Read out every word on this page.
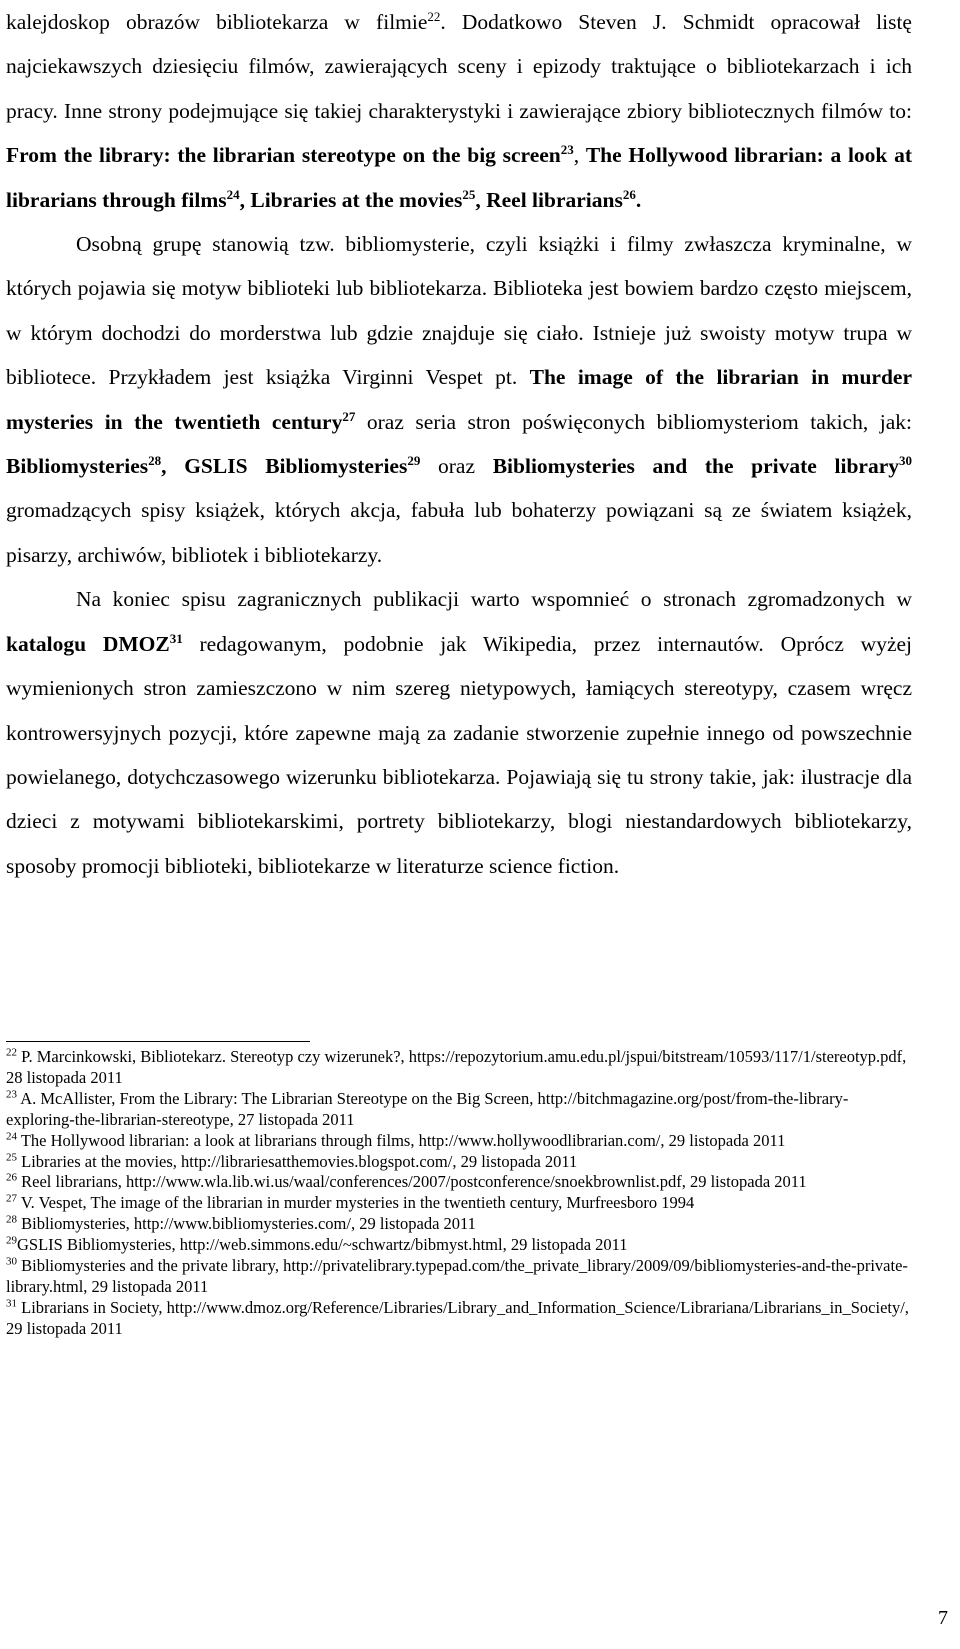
kalejdoskop obrazów bibliotekarza w filmie$^{22}$. Dodatkowo Steven J. Schmidt opracował listę najciekawszych dziesięciu filmów, zawierających sceny i epizody traktujące o bibliotekarzach i ich pracy. Inne strony podejmujące się takiej charakterystyki i zawierające zbiory bibliotecznych filmów to: From the library: the librarian stereotype on the big screen$^{23}$, The Hollywood librarian: a look at librarians through films$^{24}$, Libraries at the movies$^{25}$, Reel librarians$^{26}$.

Osobną grupę stanowią tzw. bibliomysterie, czyli książki i filmy zwłaszcza kryminalne, w których pojawia się motyw biblioteki lub bibliotekarza. Biblioteka jest bowiem bardzo często miejscem, w którym dochodzi do morderstwa lub gdzie znajduje się ciało. Istnieje już swoisty motyw trupa w bibliotece. Przykładem jest książka Virginni Vespet pt. The image of the librarian in murder mysteries in the twentieth century$^{27}$ oraz seria stron poświęconych bibliomysteriom takich, jak: Bibliomysteries$^{28}$, GSLIS Bibliomysteries$^{29}$ oraz Bibliomysteries and the private library$^{30}$ gromadzących spisy książek, których akcja, fabuła lub bohaterzy powiązani są ze światem książek, pisarzy, archiwów, bibliotek i bibliotekarzy.

Na koniec spisu zagranicznych publikacji warto wspomnieć o stronach zgromadzonych w katalogu DMOZ$^{31}$ redagowanym, podobnie jak Wikipedia, przez internautów. Oprócz wyżej wymienionych stron zamieszczono w nim szereg nietypowych, łamiących stereotypy, czasem wręcz kontrowersyjnych pozycji, które zapewne mają za zadanie stworzenie zupełnie innego od powszechnie powielanego, dotychczasowego wizerunku bibliotekarza. Pojawiają się tu strony takie, jak: ilustracje dla dzieci z motywami bibliotekarskimi, portrety bibliotekarzy, blogi niestandardowych bibliotekarzy, sposoby promocji biblioteki, bibliotekarze w literaturze science fiction.

$^{22}$ P. Marcinkowski, Bibliotekarz. Stereotyp czy wizerunek?, https://repozytorium.amu.edu.pl/jspui/bitstream/10593/117/1/stereotyp.pdf, 28 listopada 2011

$^{23}$ A. McAllister, From the Library: The Librarian Stereotype on the Big Screen, http://bitchmagazine.org/post/from-the-library-exploring-the-librarian-stereotype, 27 listopada 2011

$^{24}$ The Hollywood librarian: a look at librarians through films, http://www.hollywoodlibrarian.com/, 29 listopada 2011

$^{25}$ Libraries at the movies, http://librariesatthemovies.blogspot.com/, 29 listopada 2011

$^{26}$ Reel librarians, http://www.wla.lib.wi.us/waal/conferences/2007/postconference/snoekbrownlist.pdf, 29 listopada 2011

$^{27}$ V. Vespet, The image of the librarian in murder mysteries in the twentieth century, Murfreesboro 1994

$^{28}$ Bibliomysteries, http://www.bibliomysteries.com/, 29 listopada 2011

$^{29}$GSLIS Bibliomysteries, http://web.simmons.edu/~schwartz/bibmyst.html, 29 listopada 2011

$^{30}$ Bibliomysteries and the private library, http://privatelibrary.typepad.com/the_private_library/2009/09/bibliomysteries-and-the-private-library.html, 29 listopada 2011

$^{31}$ Librarians in Society, http://www.dmoz.org/Reference/Libraries/Library_and_Information_Science/Librariana/Librarians_in_Society/, 29 listopada 2011

7
